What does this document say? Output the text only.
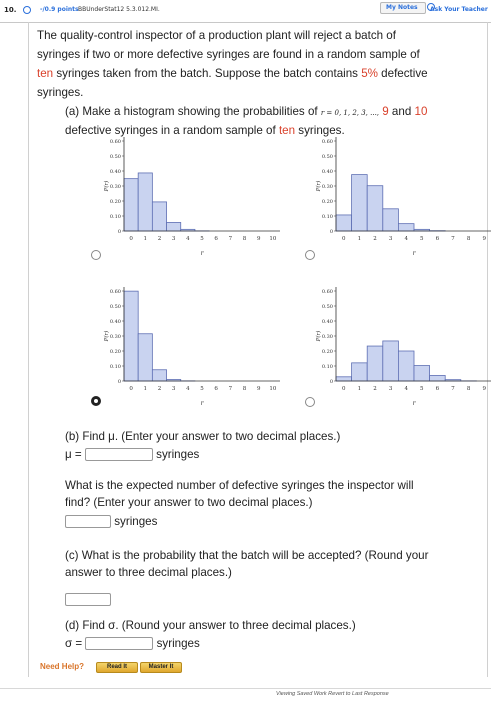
10.	-/0.9 points BBUnderStat12 5.3.012.MI.	My Notes Ask Your Teacher
The quality-control inspector of a production plant will reject a batch of
syringes if two or more defective syringes are found in a random sample of
ten syringes taken from the batch. Suppose the batch contains 5% defective
syringes.
(a) Make a histogram showing the probabilities of r = 0, 1, 2, 3, ..., 9 and 10
defective syringes in a random sample of ten syringes.
0.60
0.50
0.40
0.30
0.20
0.10
0
0 1 2 3 4 5 6 7 8 9 10
r
P(r)
0.60
0.50
0.40
0.30
0.20
0.10
0
0 1 2 3 4 5 6 7 8 9
r
P(r)
0.60
0.50
0.40
0.30
0.20
0.10
0
0 1 2 3 4 5 6 7 8 9 10
r
P(r)
0.60
0.50
0.40
0.30
0.20
0.10
0
0 1 2 3 4 5 6 7 8 9
r
P(r)
(b) Find μ. (Enter your answer to two decimal places.)
μ =	syringes
What is the expected number of defective syringes the inspector will
find? (Enter your answer to two decimal places.)
syringes
(c) What is the probability that the batch will be accepted? (Round your
answer to three decimal places.)
(d) Find σ. (Round your answer to three decimal places.)
σ =	syringes
Need Help?	Read It	Master It
Viewing Saved Work Revert to Last Response
